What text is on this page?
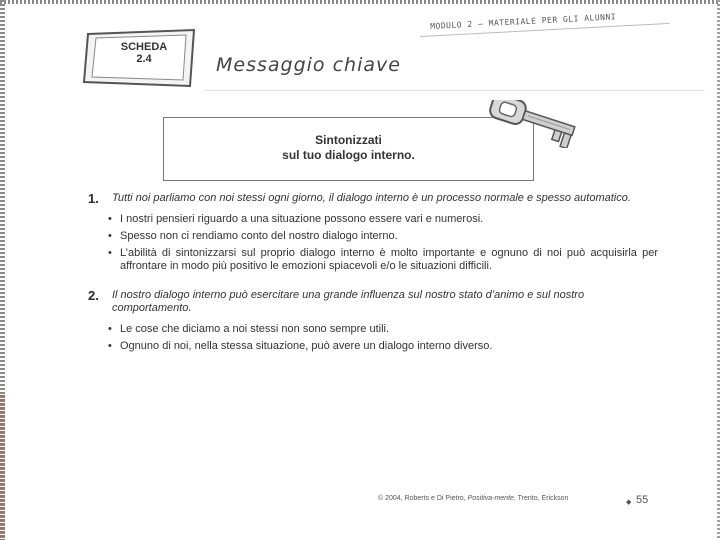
SCHEDA
2.4
MODULO 2 – MATERIALE PER GLI ALUNNI
Messaggio chiave
Sintonizzati
sul tuo dialogo interno.
1. Tutti noi parliamo con noi stessi ogni giorno, il dialogo interno è un processo normale e spesso automatico.
• I nostri pensieri riguardo a una situazione possono essere vari e numerosi.
• Spesso non ci rendiamo conto del nostro dialogo interno.
• L’abilità di sintonizzarsi sul proprio dialogo interno è molto importante e ognuno di noi può acquisirla per affrontare in modo più positivo le emozioni spiacevoli e/o le situazioni difficili.
2. Il nostro dialogo interno può esercitare una grande influenza sul nostro stato d’animo e sul nostro comportamento.
• Le cose che diciamo a noi stessi non sono sempre utili.
• Ognuno di noi, nella stessa situazione, può avere un dialogo interno diverso.
© 2004, Roberts e Di Pietro, Positiva-mente, Trento, Erickson
◆ 55
